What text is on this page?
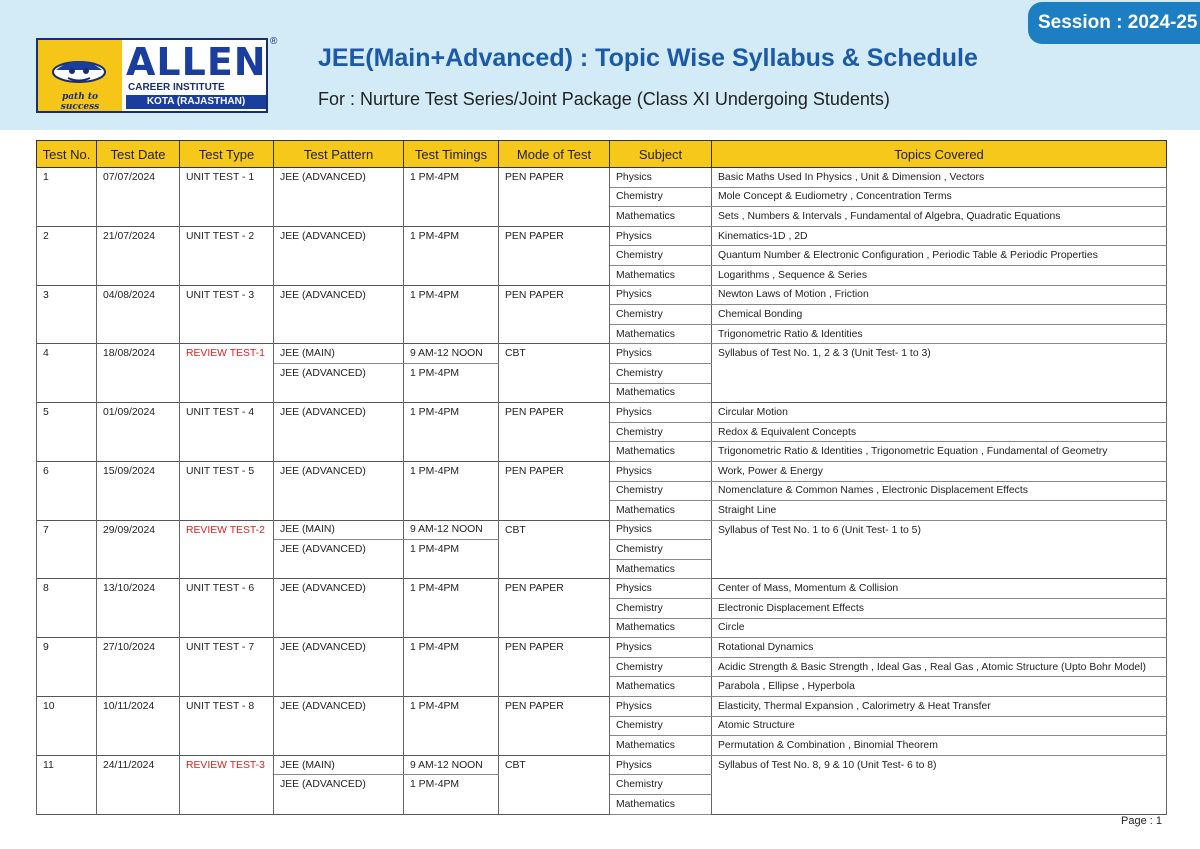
Session : 2024-25
path to success
ALLEN
CAREER INSTITUTE
KOTA (RAJASTHAN)
®
JEE(Main+Advanced) : Topic Wise Syllabus & Schedule
For : Nurture Test Series/Joint Package (Class XI Undergoing Students)
Test No.	Test Date	Test Type	Test Pattern	Test Timings	Mode of Test	Subject	Topics Covered
1	07/07/2024	UNIT TEST - 1	JEE (ADVANCED)	1 PM-4PM	PEN PAPER	Physics	Basic Maths Used In Physics , Unit & Dimension , Vectors
						Chemistry	Mole Concept & Eudiometry , Concentration Terms
						Mathematics	Sets , Numbers & Intervals , Fundamental of Algebra, Quadratic Equations
2	21/07/2024	UNIT TEST - 2	JEE (ADVANCED)	1 PM-4PM	PEN PAPER	Physics	Kinematics-1D , 2D
						Chemistry	Quantum Number & Electronic Configuration , Periodic Table & Periodic Properties
						Mathematics	Logarithms , Sequence & Series
3	04/08/2024	UNIT TEST - 3	JEE (ADVANCED)	1 PM-4PM	PEN PAPER	Physics	Newton Laws of Motion , Friction
						Chemistry	Chemical Bonding
						Mathematics	Trigonometric Ratio & Identities
4	18/08/2024	REVIEW TEST-1	JEE (MAIN)	9 AM-12 NOON	CBT	Physics	Syllabus of Test No. 1, 2 & 3 (Unit Test- 1 to 3)
			JEE (ADVANCED)	1 PM-4PM		Chemistry	
						Mathematics	
5	01/09/2024	UNIT TEST - 4	JEE (ADVANCED)	1 PM-4PM	PEN PAPER	Physics	Circular Motion
						Chemistry	Redox & Equivalent Concepts
						Mathematics	Trigonometric Ratio & Identities , Trigonometric Equation , Fundamental of Geometry
6	15/09/2024	UNIT TEST - 5	JEE (ADVANCED)	1 PM-4PM	PEN PAPER	Physics	Work, Power & Energy
						Chemistry	Nomenclature & Common Names , Electronic Displacement Effects
						Mathematics	Straight Line
7	29/09/2024	REVIEW TEST-2	JEE (MAIN)	9 AM-12 NOON	CBT	Physics	Syllabus of Test No. 1 to 6 (Unit Test- 1 to 5)
			JEE (ADVANCED)	1 PM-4PM		Chemistry	
						Mathematics	
8	13/10/2024	UNIT TEST - 6	JEE (ADVANCED)	1 PM-4PM	PEN PAPER	Physics	Center of Mass, Momentum & Collision
						Chemistry	Electronic Displacement Effects
						Mathematics	Circle
9	27/10/2024	UNIT TEST - 7	JEE (ADVANCED)	1 PM-4PM	PEN PAPER	Physics	Rotational Dynamics
						Chemistry	Acidic Strength & Basic Strength , Ideal Gas , Real Gas , Atomic Structure (Upto Bohr Model)
						Mathematics	Parabola , Ellipse , Hyperbola
10	10/11/2024	UNIT TEST - 8	JEE (ADVANCED)	1 PM-4PM	PEN PAPER	Physics	Elasticity, Thermal Expansion , Calorimetry & Heat Transfer
						Chemistry	Atomic Structure
						Mathematics	Permutation & Combination , Binomial Theorem
11	24/11/2024	REVIEW TEST-3	JEE (MAIN)	9 AM-12 NOON	CBT	Physics	Syllabus of Test No. 8, 9 & 10 (Unit Test- 6 to 8)
			JEE (ADVANCED)	1 PM-4PM		Chemistry	
						Mathematics	
Page : 1
